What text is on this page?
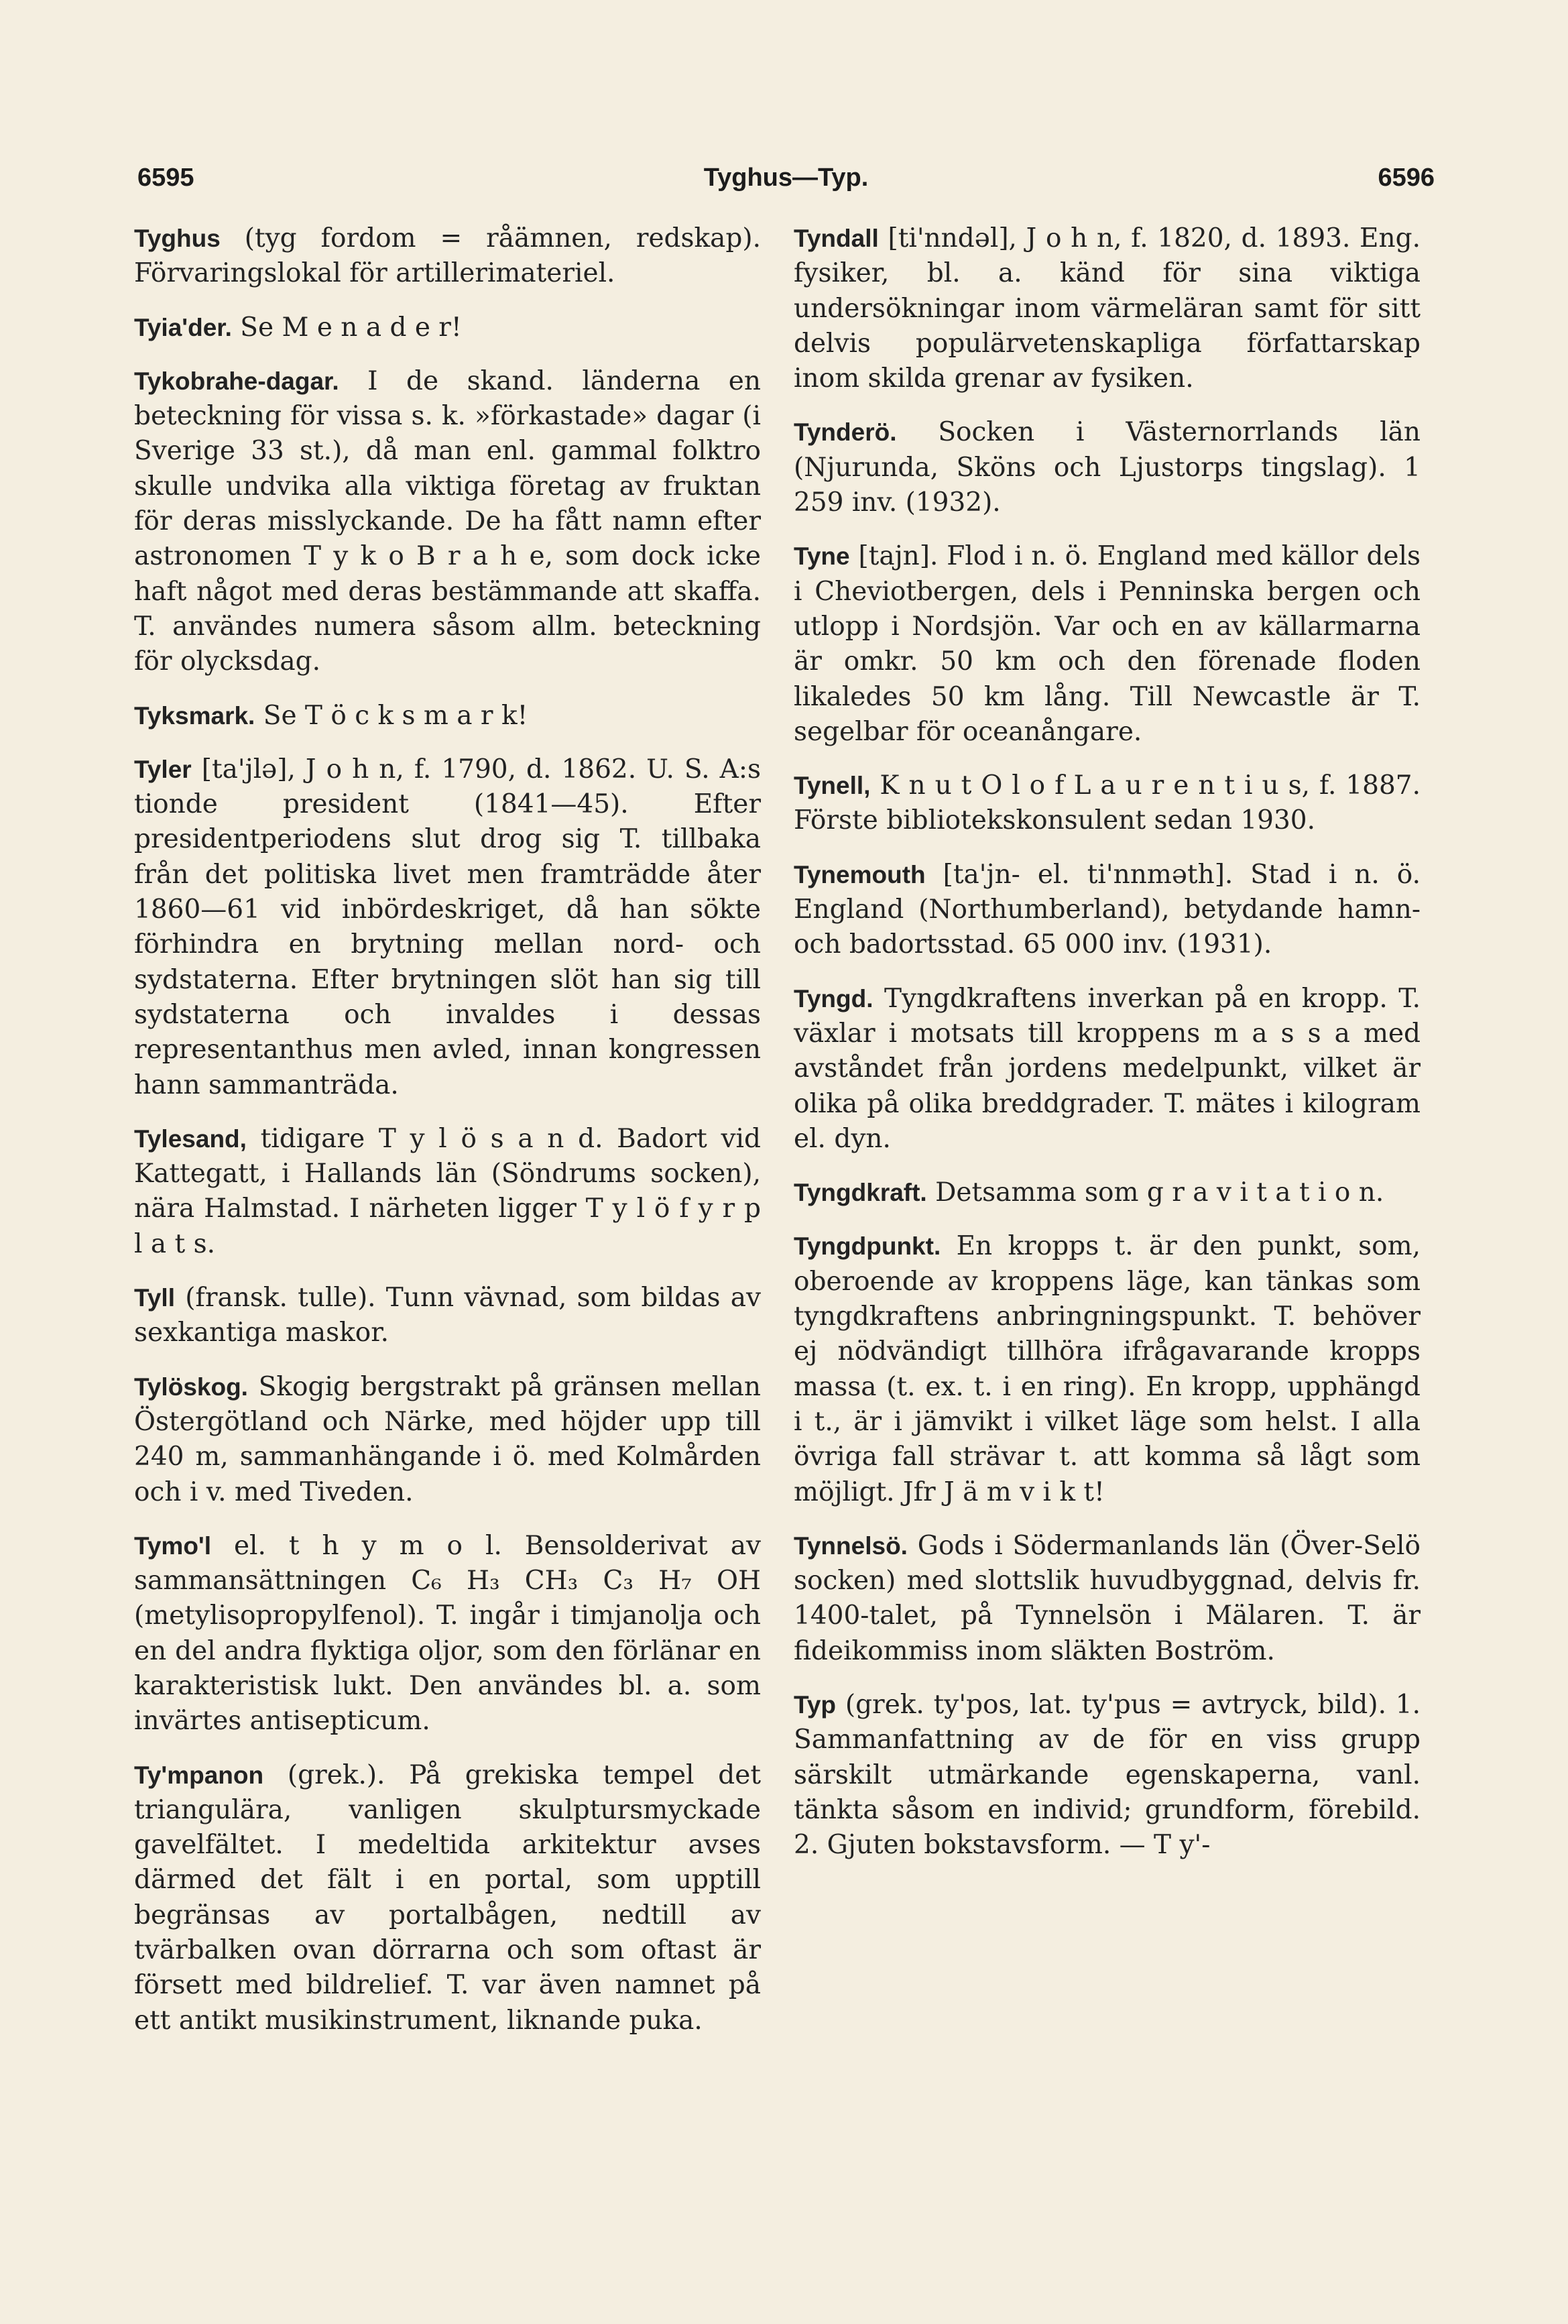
6595	Tyghus—Typ.	6596

Tyghus (tyg fordom = råämnen, redskap). Förvaringslokal för artillerimateriel.

Tyia'der. Se M e n a d e r!

Tykobrahe-dagar. I de skand. länderna en beteckning för vissa s. k. »förkastade» dagar (i Sverige 33 st.), då man enl. gammal folktro skulle undvika alla viktiga företag av fruktan för deras misslyckande. De ha fått namn efter astronomen T y k o B r a h e, som dock icke haft något med deras bestämmande att skaffa. T. användes numera såsom allm. beteckning för olycksdag.

Tyksmark. Se T ö c k s m a r k!

Tyler [ta'jlə], J o h n, f. 1790, d. 1862. U. S. A:s tionde president (1841—45). Efter presidentperiodens slut drog sig T. tillbaka från det politiska livet men framträdde åter 1860—61 vid inbördeskriget, då han sökte förhindra en brytning mellan nord- och sydstaterna. Efter brytningen slöt han sig till sydstaterna och invaldes i dessas representanthus men avled, innan kongressen hann sammanträda.

Tylesand, tidigare T y l ö s a n d. Badort vid Kattegatt, i Hallands län (Söndrums socken), nära Halmstad. I närheten ligger T y l ö f y r p l a t s.

Tyll (fransk. tulle). Tunn vävnad, som bildas av sexkantiga maskor.

Tylöskog. Skogig bergstrakt på gränsen mellan Östergötland och Närke, med höjder upp till 240 m, sammanhängande i ö. med Kolmården och i v. med Tiveden.

Tymo'l el. t h y m o l. Bensolderivat av sammansättningen C₆ H₃ CH₃ C₃ H₇ OH (metylisopropylfenol). T. ingår i timjanolja och en del andra flyktiga oljor, som den förlänar en karakteristisk lukt. Den användes bl. a. som invärtes antisepticum.

Ty'mpanon (grek.). På grekiska tempel det triangulära, vanligen skulptursmyckade gavelfältet. I medeltida arkitektur avses därmed det fält i en portal, som upptill begränsas av portalbågen, nedtill av tvärbalken ovan dörrarna och som oftast är försett med bildrelief. T. var även namnet på ett antikt musikinstrument, liknande puka.

Tyndall [ti'nndəl], J o h n, f. 1820, d. 1893. Eng. fysiker, bl. a. känd för sina viktiga undersökningar inom värmeläran samt för sitt delvis populärvetenskapliga författarskap inom skilda grenar av fysiken.

Tynderö. Socken i Västernorrlands län (Njurunda, Sköns och Ljustorps tingslag). 1 259 inv. (1932).

Tyne [tajn]. Flod i n. ö. England med källor dels i Cheviotbergen, dels i Penninska bergen och utlopp i Nordsjön. Var och en av källarmarna är omkr. 50 km och den förenade floden likaledes 50 km lång. Till Newcastle är T. segelbar för oceanångare.

Tynell, K n u t O l o f L a u r e n t i u s, f. 1887. Förste bibliotekskonsulent sedan 1930.

Tynemouth [ta'jn- el. ti'nnməth]. Stad i n. ö. England (Northumberland), betydande hamn- och badortsstad. 65 000 inv. (1931).

Tyngd. Tyngdkraftens inverkan på en kropp. T. växlar i motsats till kroppens m a s s a med avståndet från jordens medelpunkt, vilket är olika på olika breddgrader. T. mätes i kilogram el. dyn.

Tyngdkraft. Detsamma som g r a v i t a t i o n.

Tyngdpunkt. En kropps t. är den punkt, som, oberoende av kroppens läge, kan tänkas som tyngdkraftens anbringningspunkt. T. behöver ej nödvändigt tillhöra ifrågavarande kropps massa (t. ex. t. i en ring). En kropp, upphängd i t., är i jämvikt i vilket läge som helst. I alla övriga fall strävar t. att komma så lågt som möjligt. Jfr J ä m v i k t!

Tynnelsö. Gods i Södermanlands län (Över-Selö socken) med slottslik huvudbyggnad, delvis fr. 1400-talet, på Tynnelsön i Mälaren. T. är fideikommiss inom släkten Boström.

Typ (grek. ty'pos, lat. ty'pus = avtryck, bild). 1. Sammanfattning av de för en viss grupp särskilt utmärkande egenskaperna, vanl. tänkta såsom en individ; grundform, förebild. 2. Gjuten bokstavsform. — T y'-
